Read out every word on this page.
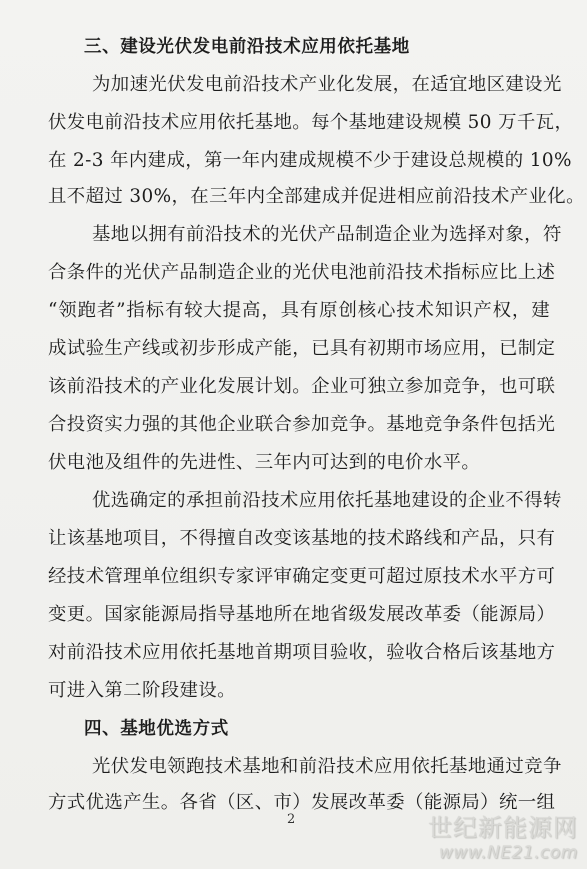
三、建设光伏发电前沿技术应用依托基地
为加速光伏发电前沿技术产业化发展，在适宜地区建设光
伏发电前沿技术应用依托基地。每个基地建设规模 50 万千瓦，
在 2-3 年内建成，第一年内建成规模不少于建设总规模的 10%
且不超过 30%，在三年内全部建成并促进相应前沿技术产业化。
基地以拥有前沿技术的光伏产品制造企业为选择对象，符
合条件的光伏产品制造企业的光伏电池前沿技术指标应比上述
“领跑者”指标有较大提高，具有原创核心技术知识产权，建
成试验生产线或初步形成产能，已具有初期市场应用，已制定
该前沿技术的产业化发展计划。企业可独立参加竞争，也可联
合投资实力强的其他企业联合参加竞争。基地竞争条件包括光
伏电池及组件的先进性、三年内可达到的电价水平。
优选确定的承担前沿技术应用依托基地建设的企业不得转
让该基地项目，不得擅自改变该基地的技术路线和产品，只有
经技术管理单位组织专家评审确定变更可超过原技术水平方可
变更。国家能源局指导基地所在地省级发展改革委（能源局）
对前沿技术应用依托基地首期项目验收，验收合格后该基地方
可进入第二阶段建设。
四、基地优选方式
光伏发电领跑技术基地和前沿技术应用依托基地通过竞争
方式优选产生。各省（区、市）发展改革委（能源局）统一组
2	世纪新能源网
www.NE21.com
